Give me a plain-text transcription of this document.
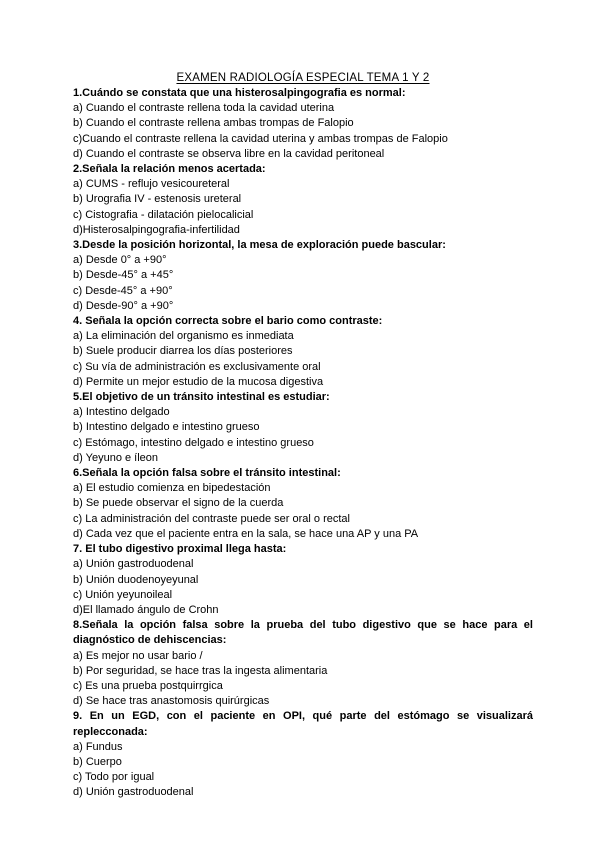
EXAMEN RADIOLOGÍA ESPECIAL TEMA 1 Y 2
1.Cuándo se constata que una histerosalpingografia es normal:
a) Cuando el contraste rellena toda la cavidad uterina
b) Cuando el contraste rellena ambas trompas de Falopio
c)Cuando el contraste rellena la cavidad uterina y ambas trompas de Falopio
d) Cuando el contraste se observa libre en la cavidad peritoneal
2.Señala la relación menos acertada:
a) CUMS - reflujo vesicoureteral
b) Urografia IV - estenosis ureteral
c) Cistografia - dilatación pielocalicial
d)Histerosalpingografia-infertilidad
3.Desde la posición horizontal, la mesa de exploración puede bascular:
a) Desde 0° a +90°
b) Desde-45° a +45°
c) Desde-45° a +90°
d) Desde-90° a +90°
4. Señala la opción correcta sobre el bario como contraste:
a) La eliminación del organismo es inmediata
b) Suele producir diarrea los días posteriores
c) Su vía de administración es exclusivamente oral
d) Permite un mejor estudio de la mucosa digestiva
5.El objetivo de un tránsito intestinal es estudiar:
a) Intestino delgado
b) Intestino delgado e intestino grueso
c) Estómago, intestino delgado e intestino grueso
d) Yeyuno e íleon
6.Señala la opción falsa sobre el tránsito intestinal:
a) El estudio comienza en bipedestación
b) Se puede observar el signo de la cuerda
c) La administración del contraste puede ser oral o rectal
d) Cada vez que el paciente entra en la sala, se hace una AP y una PA
7. El tubo digestivo proximal llega hasta:
a) Unión gastroduodenal
b) Unión duodenoyeyunal
c) Unión yeyunoileal
d)El llamado ángulo de Crohn
8.Señala la opción falsa sobre la prueba del tubo digestivo que se hace para el diagnóstico de dehiscencias:
a) Es mejor no usar bario /
b) Por seguridad, se hace tras la ingesta alimentaria
c) Es una prueba postquirrgica
d) Se hace tras anastomosis quirúrgicas
9. En un EGD, con el paciente en OPI, qué parte del estómago se visualizará replecconada:
a) Fundus
b) Cuerpo
c) Todo por igual
d) Unión gastroduodenal
